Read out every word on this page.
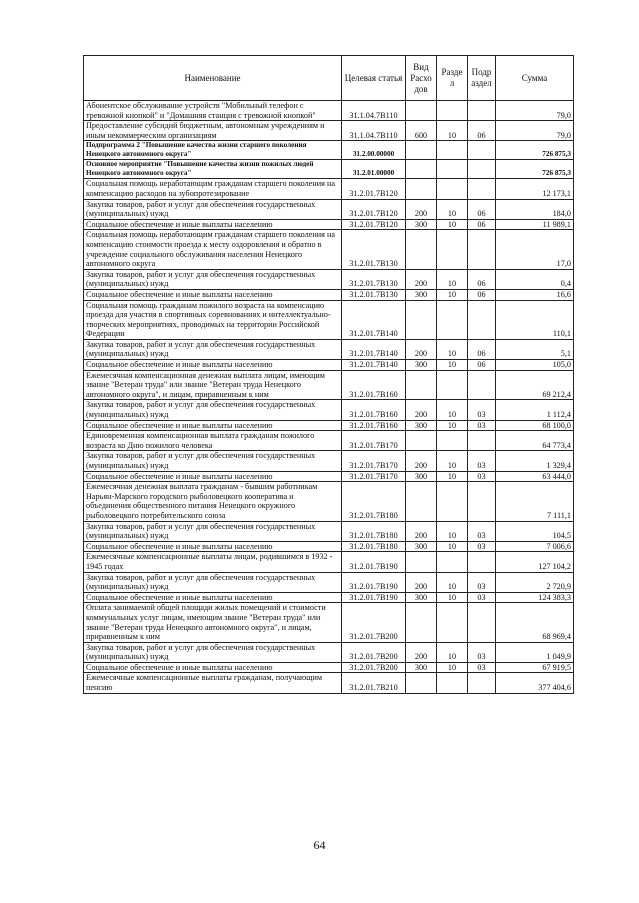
Наименование	Целевая статья	Вид Расхо дов	Разде л	Подр аздел	Сумма
Абонентское обслуживание устройств "Мобильный телефон с тревожной кнопкой" и "Домашняя станция с тревожной кнопкой"	31.1.04.7В110				79,0
Предоставление субсидий бюджетным, автономным учреждениям и иным некоммерческим организациям	31.1.04.7В110	600	10	06	79,0
Подпрограмма 2 "Повышение качества жизни старшего поколения Ненецкого автономного округа"	31.2.00.00000				726 875,3
Основное мероприятие "Повышение качества жизни пожилых людей Ненецкого автономного округа"	31.2.01.00000				726 875,3
Социальная помощь неработающим гражданам старшего поколения на компенсацию расходов на зубопротезирование	31.2.01.7В120				12 173,1
Закупка товаров, работ и услуг для обеспечения государственных (муниципальных) нужд	31.2.01.7В120	200	10	06	184,0
Социальное обеспечение и иные выплаты населению	31.2.01.7В120	300	10	06	11 989,1
Социальная помощь неработающим гражданам старшего поколения на компенсацию стоимости проезда к месту оздоровления и обратно в учреждение социального обслуживания населения Ненецкого автономного округа	31.2.01.7В130				17,0
Закупка товаров, работ и услуг для обеспечения государственных (муниципальных) нужд	31.2.01.7В130	200	10	06	0,4
Социальное обеспечение и иные выплаты населению	31.2.01.7В130	300	10	06	16,6
Социальная помощь гражданам пожилого возраста на компенсацию проезда для участия в спортивных соревнованиях и интеллектуально-творческих мероприятиях, проводимых на территории Российской Федерации	31.2.01.7В140				110,1
Закупка товаров, работ и услуг для обеспечения государственных (муниципальных) нужд	31.2.01.7В140	200	10	06	5,1
Социальное обеспечение и иные выплаты населению	31.2.01.7В140	300	10	06	105,0
Ежемесячная компенсационная денежная выплата лицам, имеющим звание "Ветеран труда" или звание "Ветеран труда Ненецкого автономного округа", и лицам, приравненным к ним	31.2.01.7В160				69 212,4
Закупка товаров, работ и услуг для обеспечения государственных (муниципальных) нужд	31.2.01.7В160	200	10	03	1 112,4
Социальное обеспечение и иные выплаты населению	31.2.01.7В160	300	10	03	68 100,0
Единовременная компенсационная выплата гражданам пожилого возраста ко Дню пожилого человека	31.2.01.7В170				64 773,4
Закупка товаров, работ и услуг для обеспечения государственных (муниципальных) нужд	31.2.01.7В170	200	10	03	1 329,4
Социальное обеспечение и иные выплаты населению	31.2.01.7В170	300	10	03	63 444,0
Ежемесячная денежная выплата гражданам - бывшим работникам Нарьян-Марского городского рыболовецкого кооператива и объединения общественного питания Ненецкого окружного рыболовецкого потребительского союза	31.2.01.7В180				7 111,1
Закупка товаров, работ и услуг для обеспечения государственных (муниципальных) нужд	31.2.01.7В180	200	10	03	104,5
Социальное обеспечение и иные выплаты населению	31.2.01.7В180	300	10	03	7 006,6
Ежемесячные компенсационные выплаты лицам, родившимся в 1932 - 1945 годах	31.2.01.7В190				127 104,2
Закупка товаров, работ и услуг для обеспечения государственных (муниципальных) нужд	31.2.01.7В190	200	10	03	2 720,9
Социальное обеспечение и иные выплаты населению	31.2.01.7В190	300	10	03	124 383,3
Оплата занимаемой общей площади жилых помещений и стоимости коммунальных услуг лицам, имеющим звание "Ветеран труда" или звание "Ветеран труда Ненецкого автономного округа", и лицам, приравненным к ним	31.2.01.7В200				68 969,4
Закупка товаров, работ и услуг для обеспечения государственных (муниципальных) нужд	31.2.01.7В200	200	10	03	1 049,9
Социальное обеспечение и иные выплаты населению	31.2.01.7В200	300	10	03	67 919,5
Ежемесячные компенсационные выплаты гражданам, получающим пенсию	31.2.01.7В210				377 404,6
64
